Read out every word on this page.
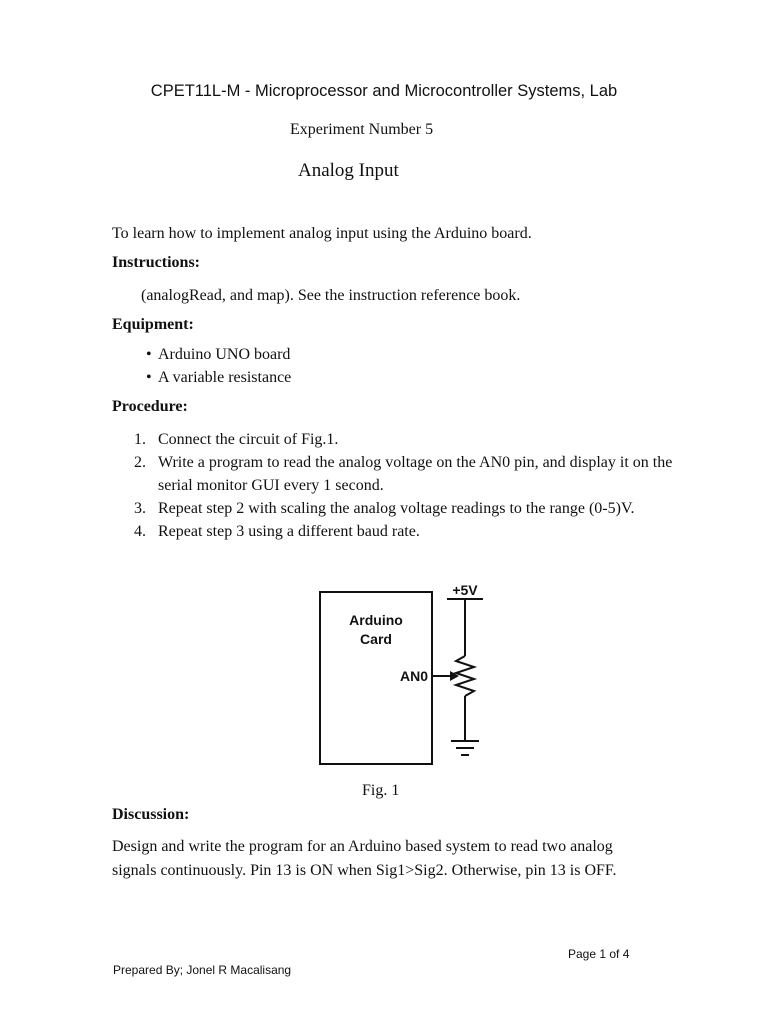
CPET11L-M - Microprocessor and Microcontroller Systems, Lab
Experiment Number 5
Analog Input
To learn how to implement analog input using the Arduino board.
Instructions:
(analogRead, and map). See the instruction reference book.
Equipment:
• Arduino UNO board
• A variable resistance
Procedure:
1. Connect the circuit of Fig.1.
2. Write a program to read the analog voltage on the AN0 pin, and display it on the serial monitor GUI every 1 second.
3. Repeat step 2 with scaling the analog voltage readings to the range (0-5)V.
4. Repeat step 3 using a different baud rate.
Arduino
Card
AN0
+5V
Fig. 1
Discussion:
Design and write the program for an Arduino based system to read two analog signals continuously. Pin 13 is ON when Sig1>Sig2. Otherwise, pin 13 is OFF.
Page 1 of 4
Prepared By; Jonel R Macalisang
